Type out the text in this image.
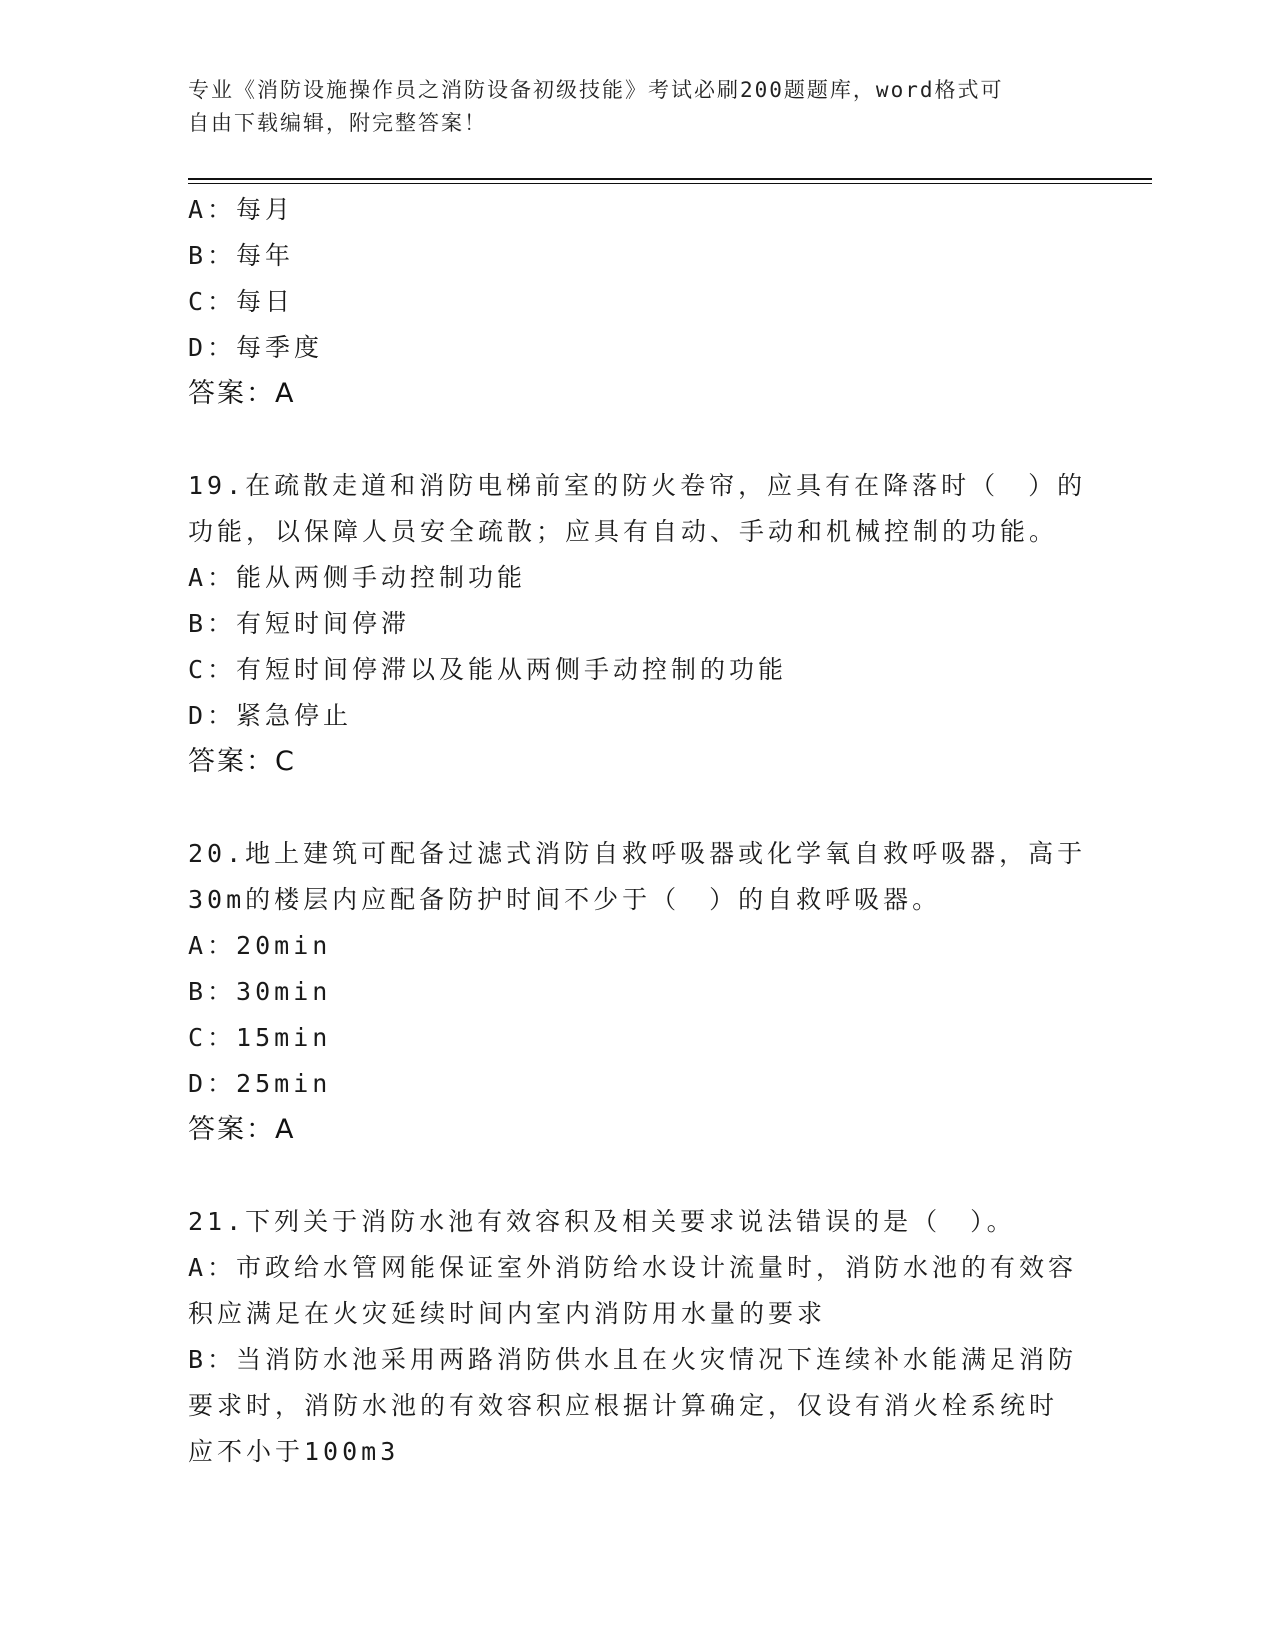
专业《消防设施操作员之消防设备初级技能》考试必刷200题题库，word格式可
自由下载编辑，附完整答案！
A：每月
B：每年
C：每日
D：每季度
答案：A
19.在疏散走道和消防电梯前室的防火卷帘，应具有在降落时（　）的
功能，以保障人员安全疏散；应具有自动、手动和机械控制的功能。
A：能从两侧手动控制功能
B：有短时间停滞
C：有短时间停滞以及能从两侧手动控制的功能
D：紧急停止
答案：C
20.地上建筑可配备过滤式消防自救呼吸器或化学氧自救呼吸器，高于
30m的楼层内应配备防护时间不少于（　）的自救呼吸器。
A：20min
B：30min
C：15min
D：25min
答案：A
21.下列关于消防水池有效容积及相关要求说法错误的是（　）。
A：市政给水管网能保证室外消防给水设计流量时，消防水池的有效容
积应满足在火灾延续时间内室内消防用水量的要求
B：当消防水池采用两路消防供水且在火灾情况下连续补水能满足消防
要求时，消防水池的有效容积应根据计算确定，仅设有消火栓系统时
应不小于100m3
